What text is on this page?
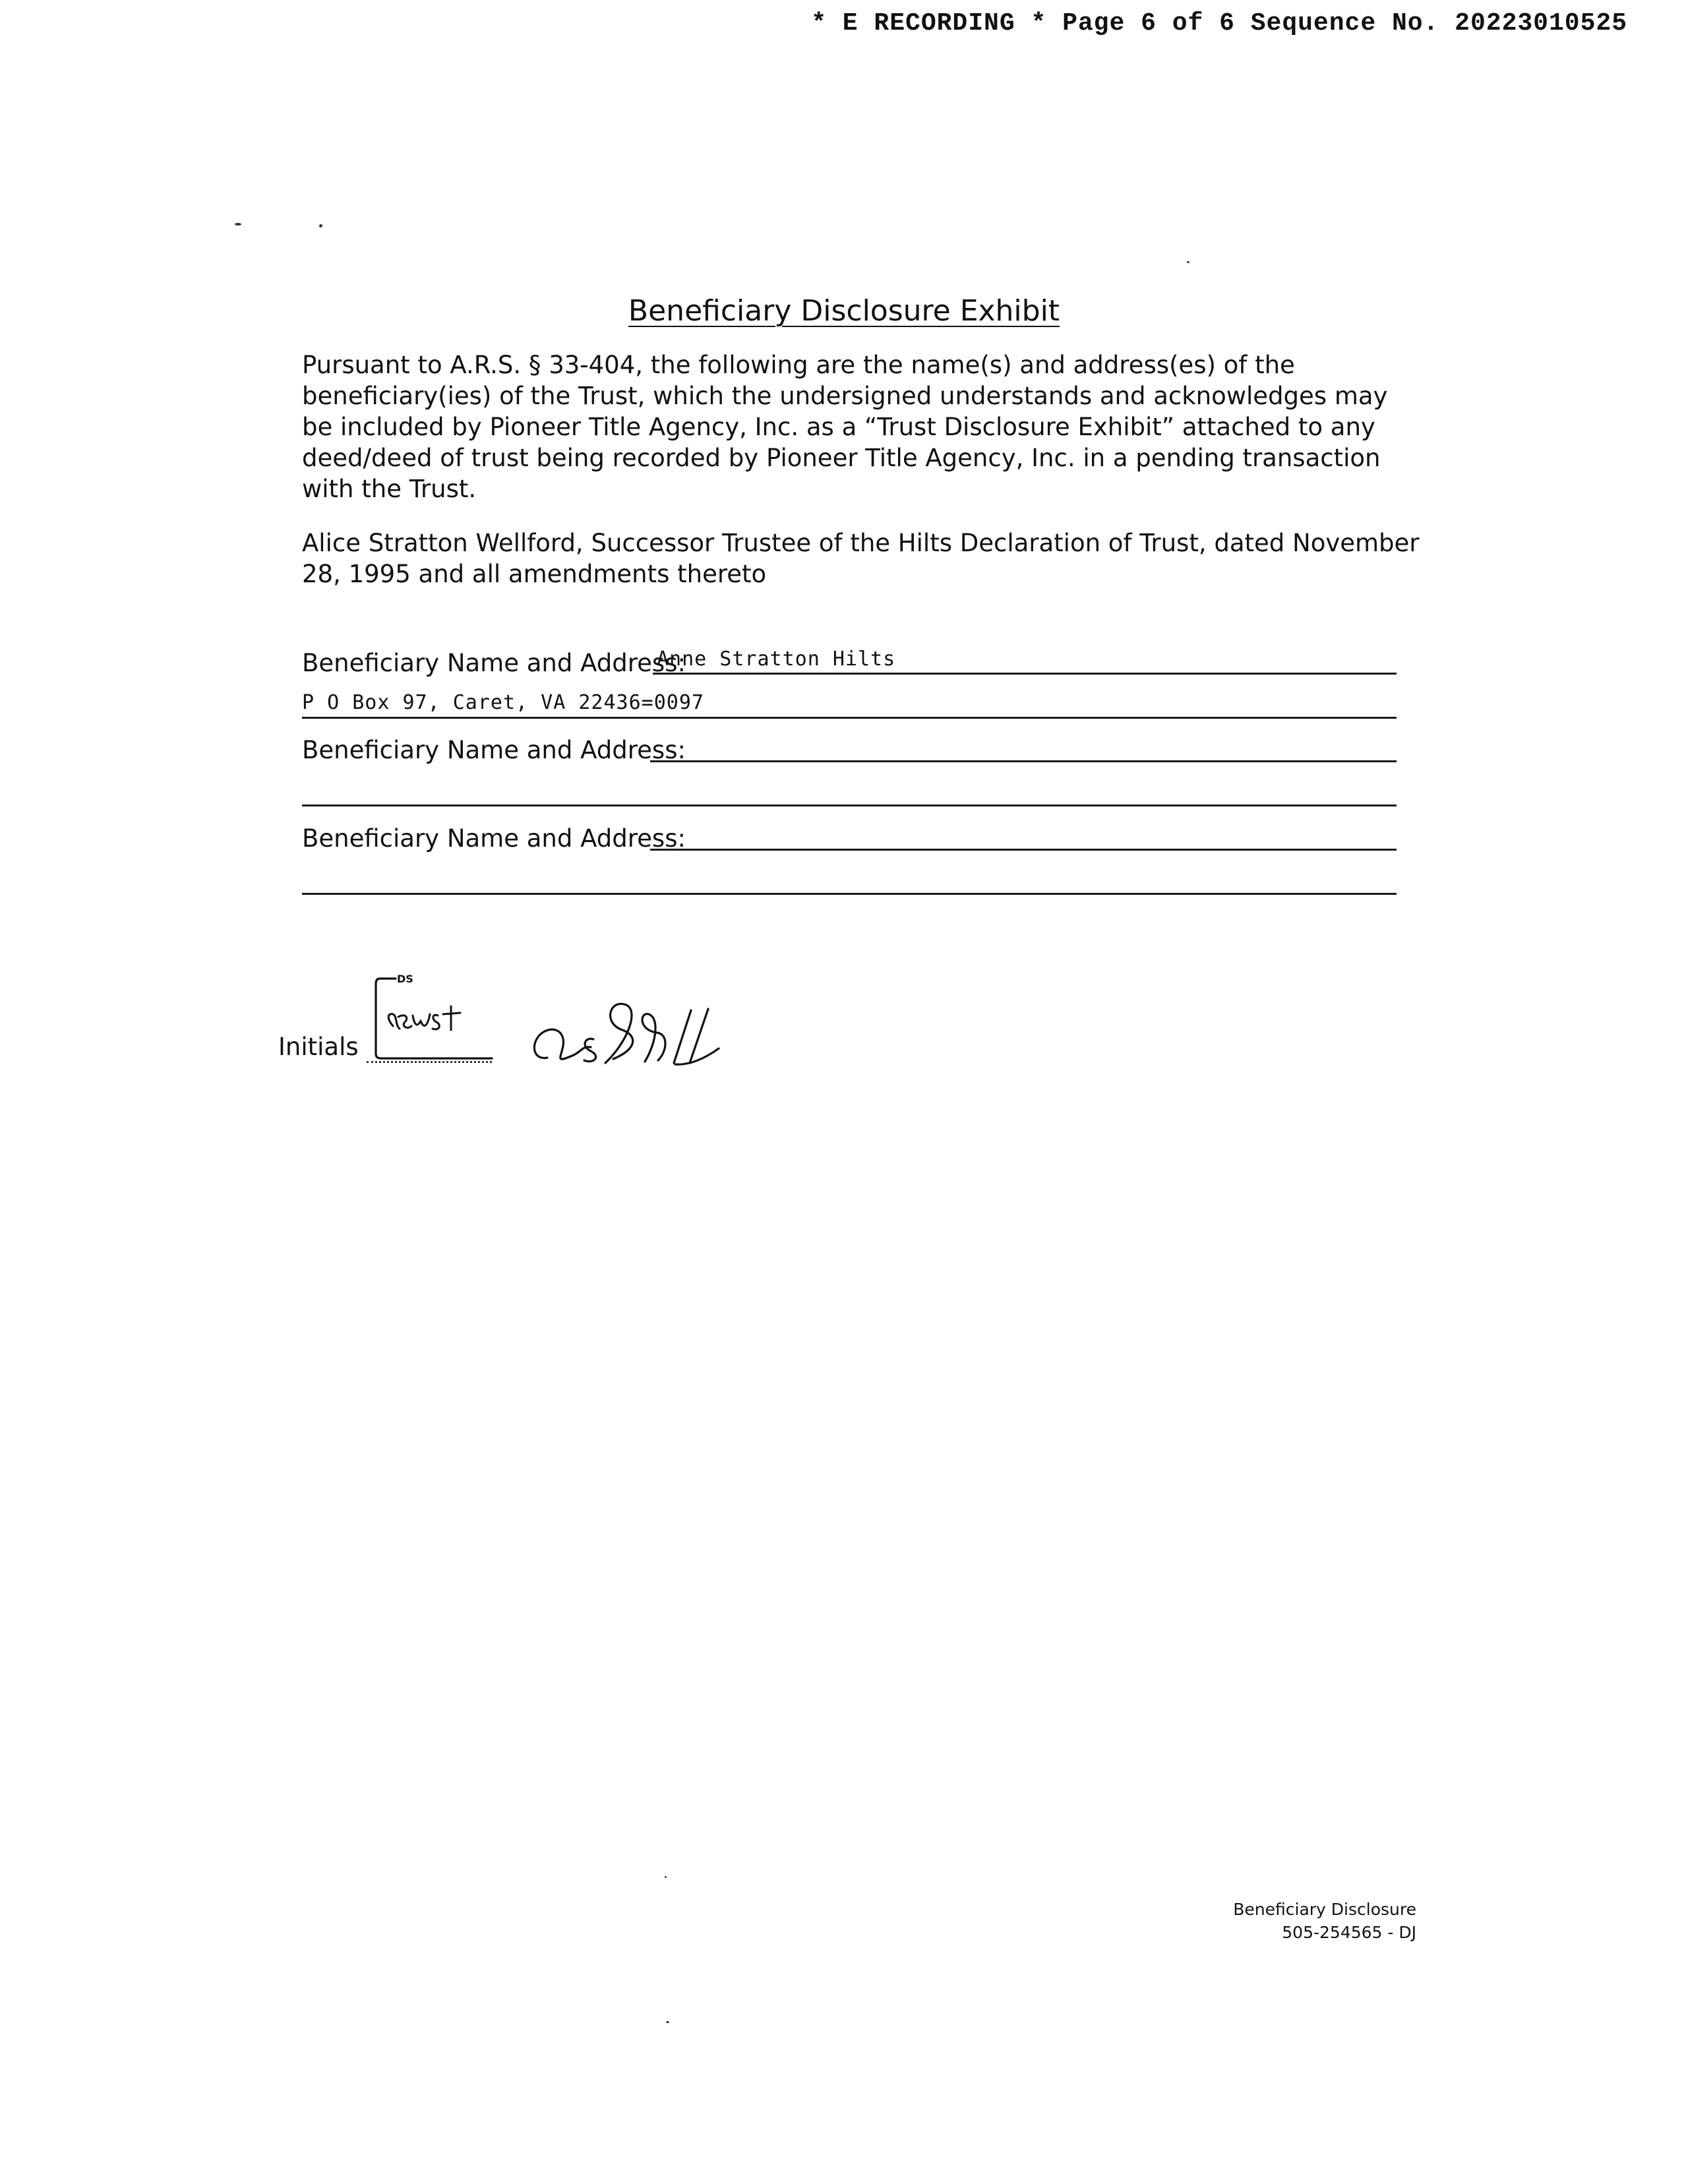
* E RECORDING * Page 6 of 6 Sequence No. 20223010525
Beneficiary Disclosure Exhibit
Pursuant to A.R.S. § 33-404, the following are the name(s) and address(es) of the beneficiary(ies) of the Trust, which the undersigned understands and acknowledges may be included by Pioneer Title Agency, Inc. as a “Trust Disclosure Exhibit” attached to any deed/deed of trust being recorded by Pioneer Title Agency, Inc. in a pending transaction with the Trust.
Alice Stratton Wellford, Successor Trustee of the Hilts Declaration of Trust, dated November 28, 1995 and all amendments thereto
Beneficiary Name and Address:
Anne Stratton Hilts
P O Box 97, Caret, VA 22436=0097
Beneficiary Name and Address:
Beneficiary Name and Address:
Initials
DS
Beneficiary Disclosure
505-254565 - DJ
